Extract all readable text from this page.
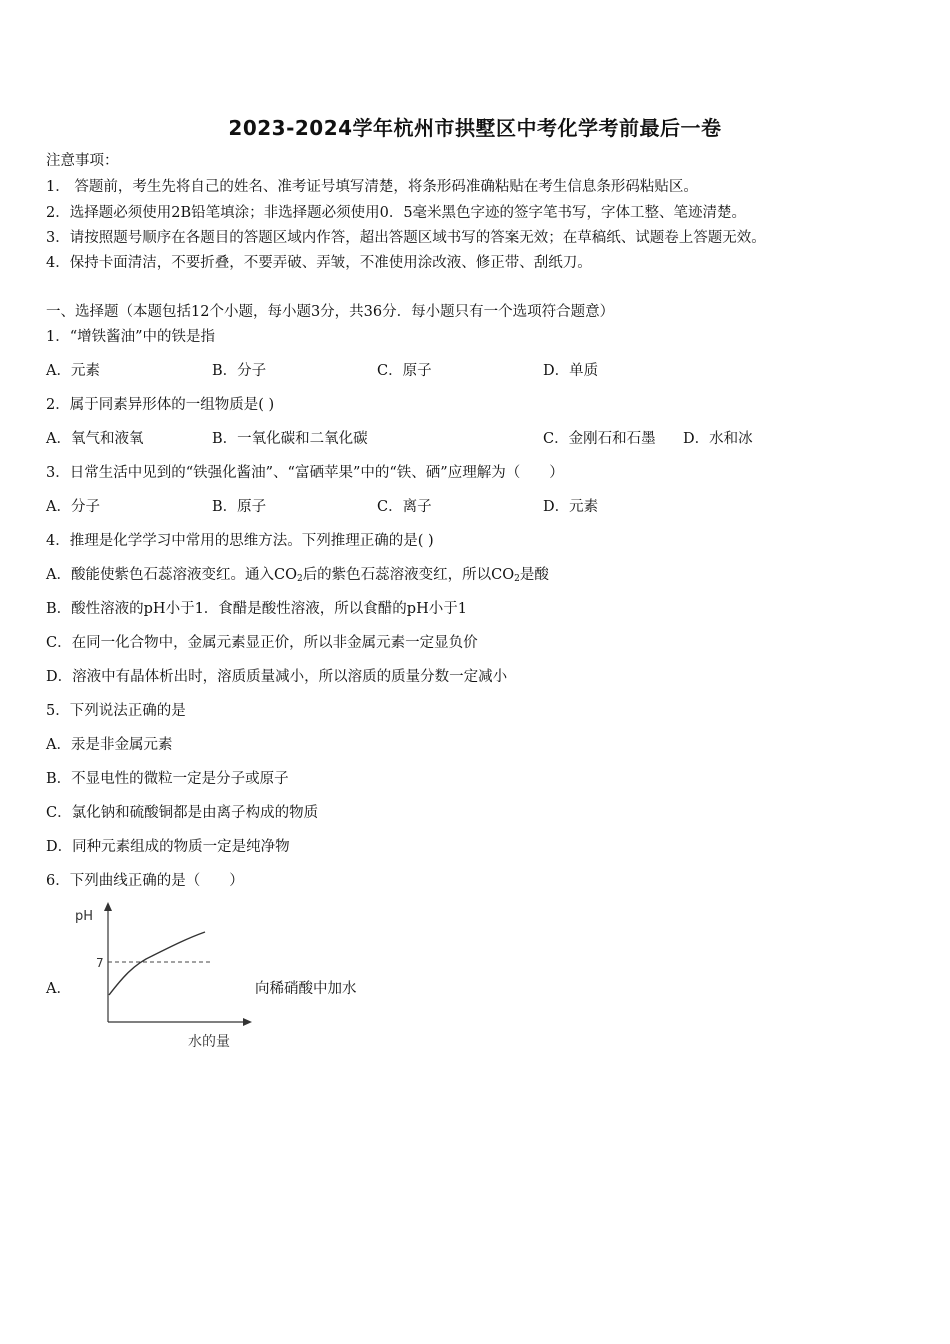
2023-2024学年杭州市拱墅区中考化学考前最后一卷
注意事项：
1． 答题前，考生先将自己的姓名、准考证号填写清楚，将条形码准确粘贴在考生信息条形码粘贴区。
2．选择题必须使用2B铅笔填涂；非选择题必须使用0．5毫米黑色字迹的签字笔书写，字体工整、笔迹清楚。
3．请按照题号顺序在各题目的答题区域内作答，超出答题区域书写的答案无效；在草稿纸、试题卷上答题无效。
4．保持卡面清洁，不要折叠，不要弄破、弄皱，不准使用涂改液、修正带、刮纸刀。
一、选择题（本题包括12个小题，每小题3分，共36分．每小题只有一个选项符合题意）
1．“增铁酱油”中的铁是指
A．元素	B．分子	C．原子	D．单质
2．属于同素异形体的一组物质是( )
A．氧气和液氧	B．一氧化碳和二氧化碳	C．金刚石和石墨 D．水和冰
3．日常生活中见到的“铁强化酱油”、“富硒苹果”中的“铁、硒”应理解为（　　）
A．分子	B．原子	C．离子	D．元素
4．推理是化学学习中常用的思维方法。下列推理正确的是( )
A．酸能使紫色石蕊溶液变红。通入$CO_2$后的紫色石蕊溶液变红，所以$CO_2$是酸
B．酸性溶液的pH小于1．食醋是酸性溶液，所以食醋的pH小于1
C．在同一化合物中，金属元素显正价，所以非金属元素一定显负价
D．溶液中有晶体析出时，溶质质量减小，所以溶质的质量分数一定减小
5．下列说法正确的是
A．汞是非金属元素
B．不显电性的微粒一定是分子或原子
C．氯化钠和硫酸铜都是由离子构成的物质
D．同种元素组成的物质一定是纯净物
6．下列曲线正确的是（　　）
A．
pH
7
水的量
向稀硝酸中加水
